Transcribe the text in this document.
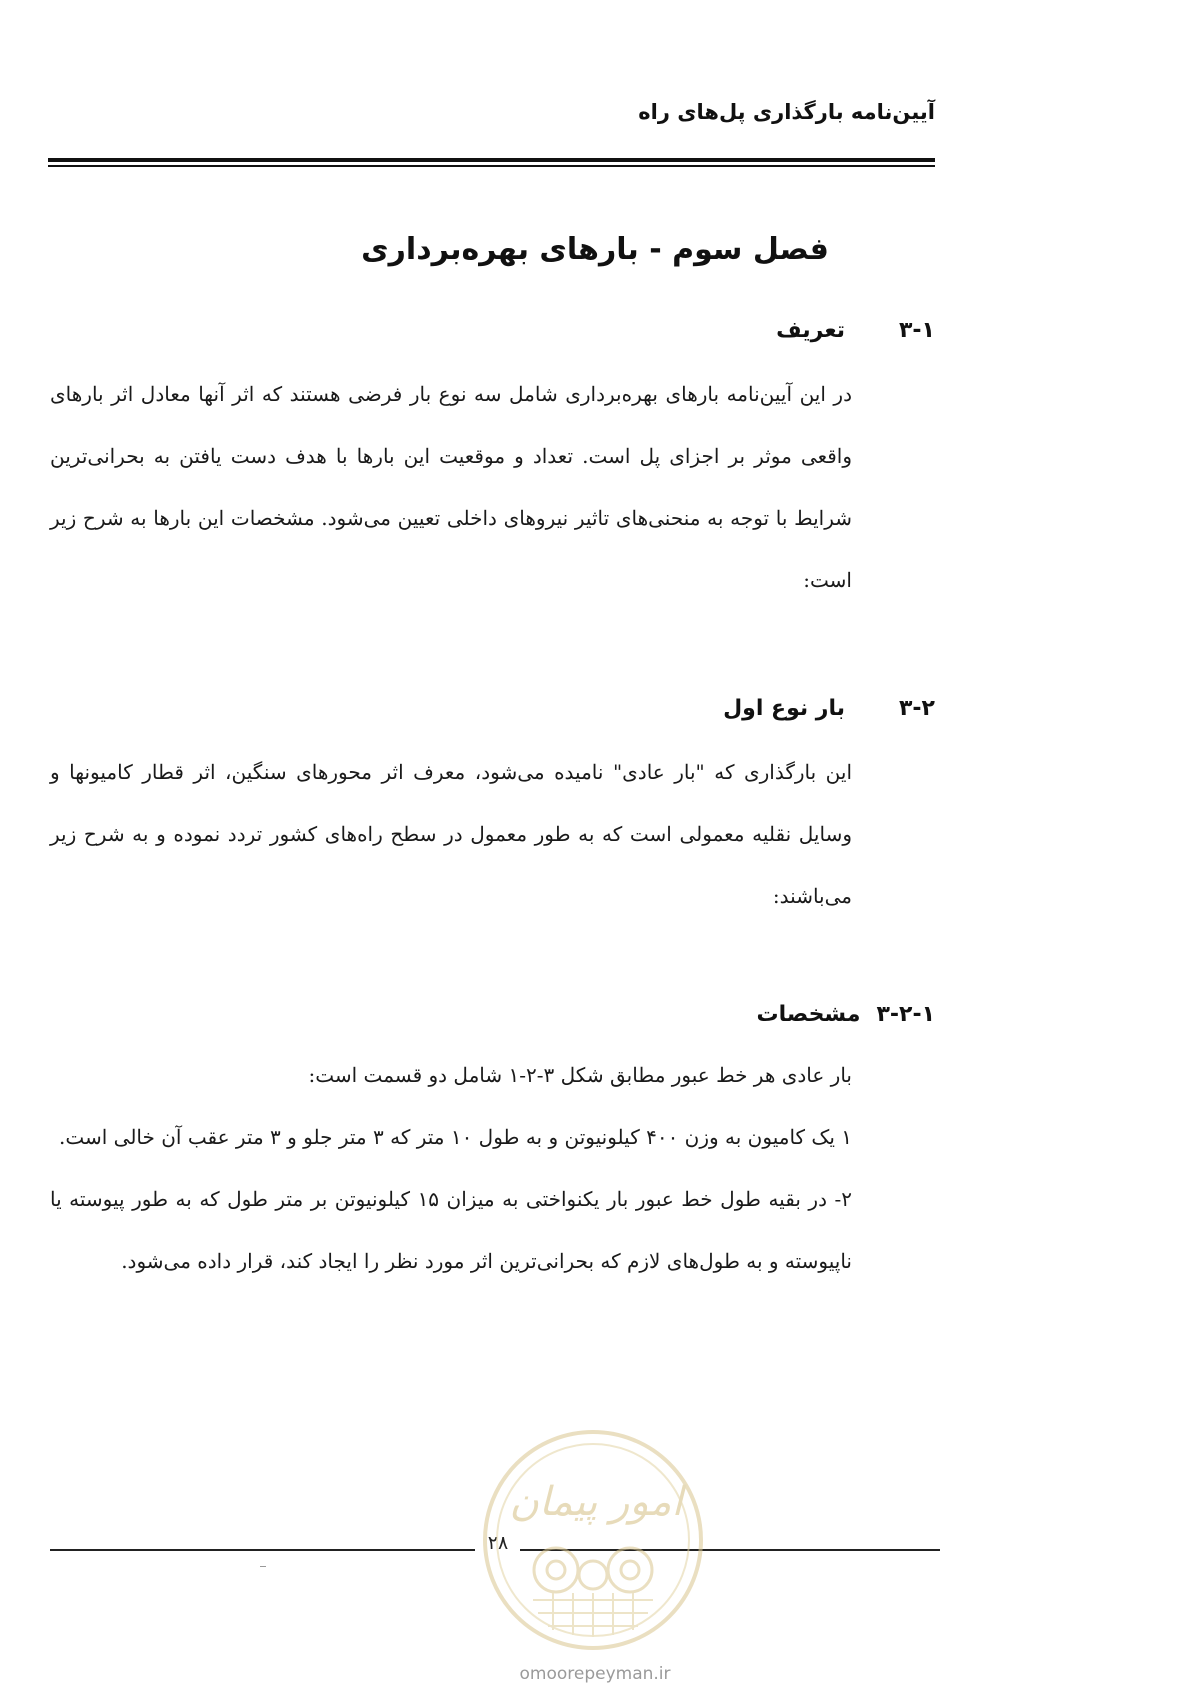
آیین‌نامه بارگذاری پل‌های راه
فصل سوم - بارهای بهره‌برداری
۳-۱تعریف

در این آیین‌نامه بارهای بهره‌برداری شامل سه نوع بار فرضی هستند که اثر آنها معادل اثر بارهای واقعی موثر بر اجزای پل است. تعداد و موقعیت این بارها با هدف دست یافتن به بحرانی‌ترین شرایط با توجه به منحنی‌های تاثیر نیروهای داخلی تعیین می‌شود. مشخصات این بارها به شرح زیر است:

۳-۲بار نوع اول

این بارگذاری که "بار عادی" نامیده می‌شود، معرف اثر محورهای سنگین، اثر قطار کامیونها و وسایل نقلیه معمولی است که به طور معمول در سطح راه‌های کشور تردد نموده و به شرح زیر می‌باشند:

۳-۲-۱مشخصات

بار عادی هر خط عبور مطابق شکل ۳-۲-۱ شامل دو قسمت است:

۱ یک کامیون به وزن ۴۰۰ کیلونیوتن و به طول ۱۰ متر که ۳ متر جلو و ۳ متر عقب آن خالی است.

۲- در بقیه طول خط عبور بار یکنواختی به میزان ۱۵ کیلونیوتن بر متر طول که به طور پیوسته یا ناپیوسته و به طول‌های لازم که بحرانی‌ترین اثر مورد نظر را ایجاد کند، قرار داده می‌شود.

۲۸
امور پیمان
omoorepeyman.ir
